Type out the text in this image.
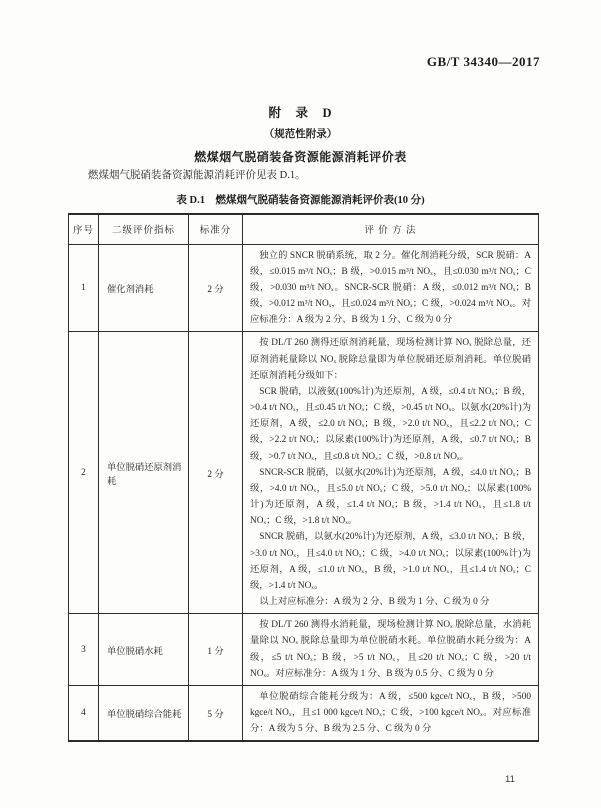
GB/T 34340—2017
附　录　D
（规范性附录）
燃煤烟气脱硝装备资源能源消耗评价表
燃煤烟气脱硝装备资源能源消耗评价见表 D.1。
表 D.1　燃煤烟气脱硝装备资源能源消耗评价表(10 分)
序号	二级评价指标	标准分	评 价 方 法
1	催化剂消耗	2 分	独立的 SNCR 脱硝系统，取 2 分。催化剂消耗分级，SCR 脱硝：A 级，≤0.015 m³/t NOₓ；B 级，>0.015 m³/t NOₓ，且≤0.030 m³/t NOₓ；C 级，>0.030 m³/t NOₓ。SNCR-SCR 脱硝：A 级，≤0.012 m³/t NOₓ；B 级，>0.012 m³/t NOₓ，且≤0.024 m³/t NOₓ；C 级，>0.024 m³/t NOₓ。对应标准分：A 级为 2 分、B 级为 1 分、C 级为 0 分

2	单位脱硝还原剂消耗	2 分	按 DL/T 260 测得还原剂消耗量，现场检测计算 NOₓ 脱除总量，还原剂消耗量除以 NOₓ 脱除总量即为单位脱硝还原剂消耗。单位脱硝还原剂消耗分级如下：

SCR 脱硝，以液氨(100%计)为还原剂，A 级，≤0.4 t/t NOₓ；B 级，>0.4 t/t NOₓ，且≤0.45 t/t NOₓ；C 级，>0.45 t/t NOₓ。以氨水(20%计)为还原剂，A 级，≤2.0 t/t NOₓ；B 级，>2.0 t/t NOₓ，且≤2.2 t/t NOₓ；C 级，>2.2 t/t NOₓ；以尿素(100%计)为还原剂，A 级，≤0.7 t/t NOₓ；B 级，>0.7 t/t NOₓ，且≤0.8 t/t NOₓ；C 级，>0.8 t/t NOₓ。

SNCR-SCR 脱硝，以氨水(20%计)为还原剂，A 级，≤4.0 t/t NOₓ；B 级，>4.0 t/t NOₓ，且≤5.0 t/t NOₓ；C 级，>5.0 t/t NOₓ；以尿素(100%计)为还原剂，A 级，≤1.4 t/t NOₓ；B 级，>1.4 t/t NOₓ，且≤1.8 t/t NOₓ；C 级，>1.8 t/t NOₓ。

SNCR 脱硝，以氨水(20%计)为还原剂，A 级，≤3.0 t/t NOₓ；B 级，>3.0 t/t NOₓ，且≤4.0 t/t NOₓ；C 级，>4.0 t/t NOₓ；以尿素(100%计)为还原剂，A 级，≤1.0 t/t NOₓ，B 级，>1.0 t/t NOₓ，且≤1.4 t/t NOₓ；C 级，>1.4 t/t NOₓ。

以上对应标准分：A 级为 2 分、B 级为 1 分、C 级为 0 分

3	单位脱硝水耗	1 分	按 DL/T 260 测得水消耗量，现场检测计算 NOₓ 脱除总量，水消耗量除以 NOₓ 脱除总量即为单位脱硝水耗。单位脱硝水耗分级为：A 级，≤5 t/t NOₓ；B 级，>5 t/t NOₓ，且≤20 t/t NOₓ；C 级，>20 t/t NOₓ。对应标准分：A 级为 1 分、B 级为 0.5 分、C 级为 0 分

4	单位脱硝综合能耗	5 分	单位脱硝综合能耗分级为：A 级，≤500 kgce/t NOₓ，B 级，>500 kgce/t NOₓ，且≤1 000 kgce/t NOₓ；C 级，>100 kgce/t NOₓ。对应标准分：A 级为 5 分、B 级为 2.5 分、C 级为 0 分

11
